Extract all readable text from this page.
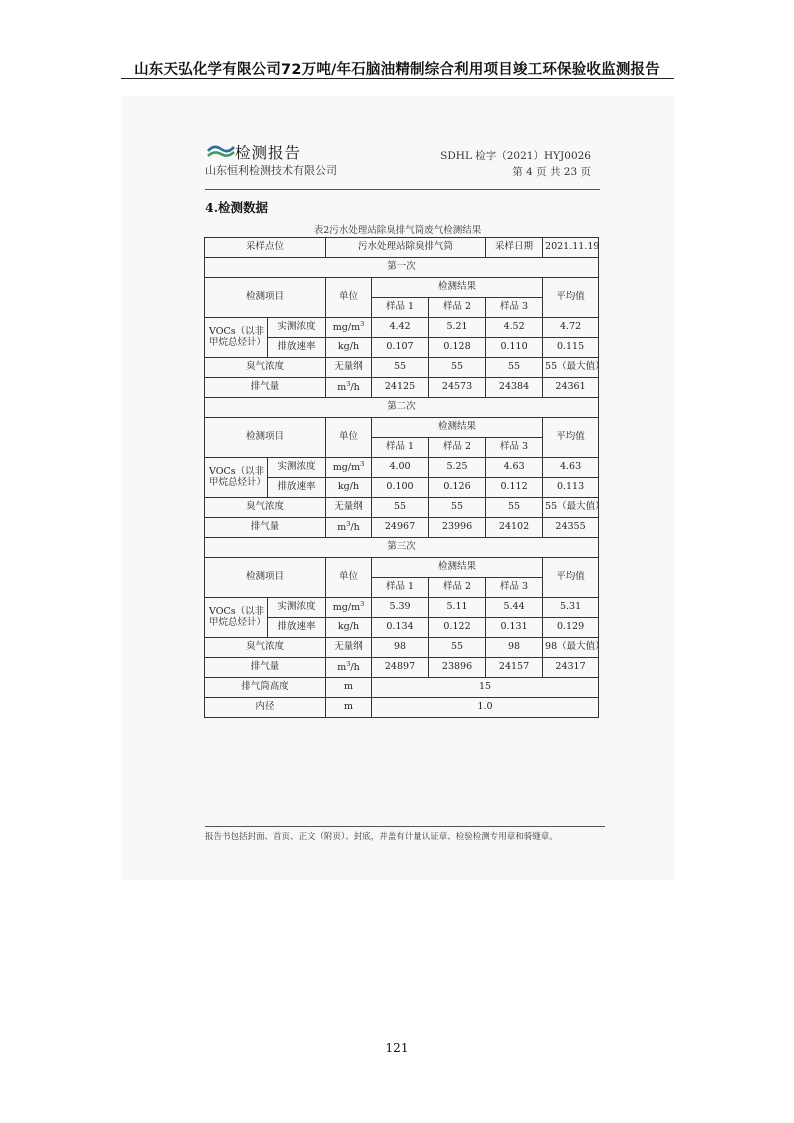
山东天弘化学有限公司72万吨/年石脑油精制综合利用项目竣工环保验收监测报告
检测报告
山东恒利检测技术有限公司
SDHL 检字（2021）HYJ0026
第 4 页 共 23 页
4.检测数据
表2污水处理站除臭排气筒废气检测结果
采样点位		污水处理站除臭排气筒			采样日期	2021.11.19
第一次						
检测项目		单位	检测结果			平均值
			样品 1	样品 2	样品 3	
VOCs（以非甲烷总烃计）	实测浓度	$mg/m^3$	4.42	5.21	4.52	4.72
	排放速率	kg/h	0.107	0.128	0.110	0.115
臭气浓度		无量纲	55	55	55	55（最大值）
排气量		$m^3/h$	24125	24573	24384	24361
第二次						
检测项目		单位	检测结果			平均值
			样品 1	样品 2	样品 3	
VOCs（以非甲烷总烃计）	实测浓度	$mg/m^3$	4.00	5.25	4.63	4.63
	排放速率	kg/h	0.100	0.126	0.112	0.113
臭气浓度		无量纲	55	55	55	55（最大值）
排气量		$m^3/h$	24967	23996	24102	24355
第三次						
检测项目		单位	检测结果			平均值
			样品 1	样品 2	样品 3	
VOCs（以非甲烷总烃计）	实测浓度	$mg/m^3$	5.39	5.11	5.44	5.31
	排放速率	kg/h	0.134	0.122	0.131	0.129
臭气浓度		无量纲	98	55	98	98（最大值）
排气量		$m^3/h$	24897	23896	24157	24317
排气筒高度		m	15			
内径		m	1.0			
报告书包括封面、首页、正文（附页）、封底，并盖有计量认证章、检验检测专用章和骑缝章。
121
